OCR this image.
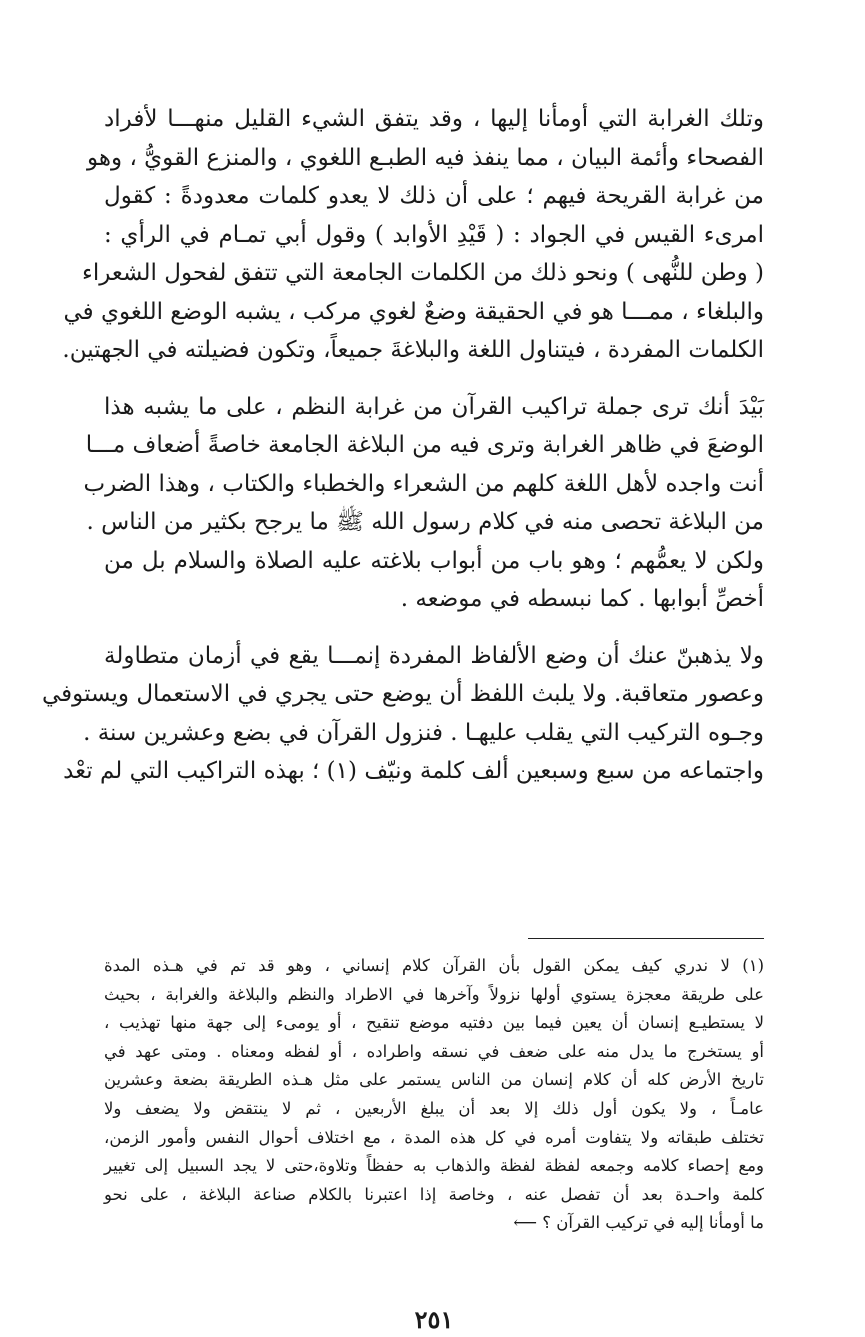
وتلك الغرابة التي أومأنا إليها ، وقد يتفق الشيء القليل منهـــا لأفراد
الفصحاء وأئمة البيان ، مما ينفذ فيه الطبـع اللغوي ، والمنزع القويُّ ، وهو
من غرابة القريحة فيهم ؛ على أن ذلك لا يعدو كلمات معدودةً : كقول
امرىء القيس في الجواد : ( قَيْدِ الأوابد ) وقول أبي تمـام في الرأي :
( وطن للنُّهى ) ونحو ذلك من الكلمات الجامعة التي تتفق لفحول الشعراء
والبلغاء ، ممـــا هو في الحقيقة وضعٌ لغوي مركب ، يشبه الوضع اللغوي في
الكلمات المفردة ، فيتناول اللغة والبلاغةَ جميعاً، وتكون فضيلته في الجهتين.
بَيْدَ أنك ترى جملة تراكيب القرآن من غرابة النظم ، على ما يشبه هذا
الوضعَ في ظاهر الغرابة وترى فيه من البلاغة الجامعة خاصةً أضعاف مـــا
أنت واجده لأهل اللغة كلهم من الشعراء والخطباء والكتاب ، وهذا الضرب
من البلاغة تحصى منه في كلام رسول الله ﷺ ما يرجح بكثير من الناس .
ولكن لا يعمُّهم ؛ وهو باب من أبواب بلاغته عليه الصلاة والسلام بل من
أخصِّ أبوابها . كما نبسطه في موضعه .
ولا يذهبنّ عنك أن وضع الألفاظ المفردة إنمـــا يقع في أزمان متطاولة
وعصور متعاقبة. ولا يلبث اللفظ أن يوضع حتى يجري في الاستعمال ويستوفي
وجـوه التركيب التي يقلب عليهـا . فنزول القرآن في بضع وعشرين سنة .
واجتماعه من سبع وسبعين ألف كلمة ونيّف (١) ؛ بهذه التراكيب التي لم تعْد
(١) لا ندري كيف يمكن القول بأن القرآن كلام إنساني ، وهو قد تم في هـذه المدة
على طريقة معجزة يستوي أولها نزولاً وآخرها في الاطراد والنظم والبلاغة والغرابة ، بحيث
لا يستطيـع إنسان أن يعين فيما بين دفتيه موضع تنقيح ، أو يومىء إلى جهة منها تهذيب ،
أو يستخرج ما يدل منه على ضعف في نسقه واطراده ، أو لفظه ومعناه . ومتى عهد في
تاريخ الأرض كله أن كلام إنسان من الناس يستمر على مثل هـذه الطريقة بضعة وعشرين
عامـاً ، ولا يكون أول ذلك إلا بعد أن يبلغ الأربعين ، ثم لا ينتقض ولا يضعف ولا
تختلف طبقاته ولا يتفاوت أمره في كل هذه المدة ، مع اختلاف أحوال النفس وأمور الزمن،
ومع إحصاء كلامه وجمعه لفظة لفظة والذهاب به حفظاً وتلاوة،حتى لا يجد السبيل إلى تغيير
كلمة واحـدة بعد أن تفصل عنه ، وخاصة إذا اعتبرنا بالكلام صناعة البلاغة ، على نحو
ما أومأنا إليه في تركيب القرآن ؟ ⟵
٢٥١
